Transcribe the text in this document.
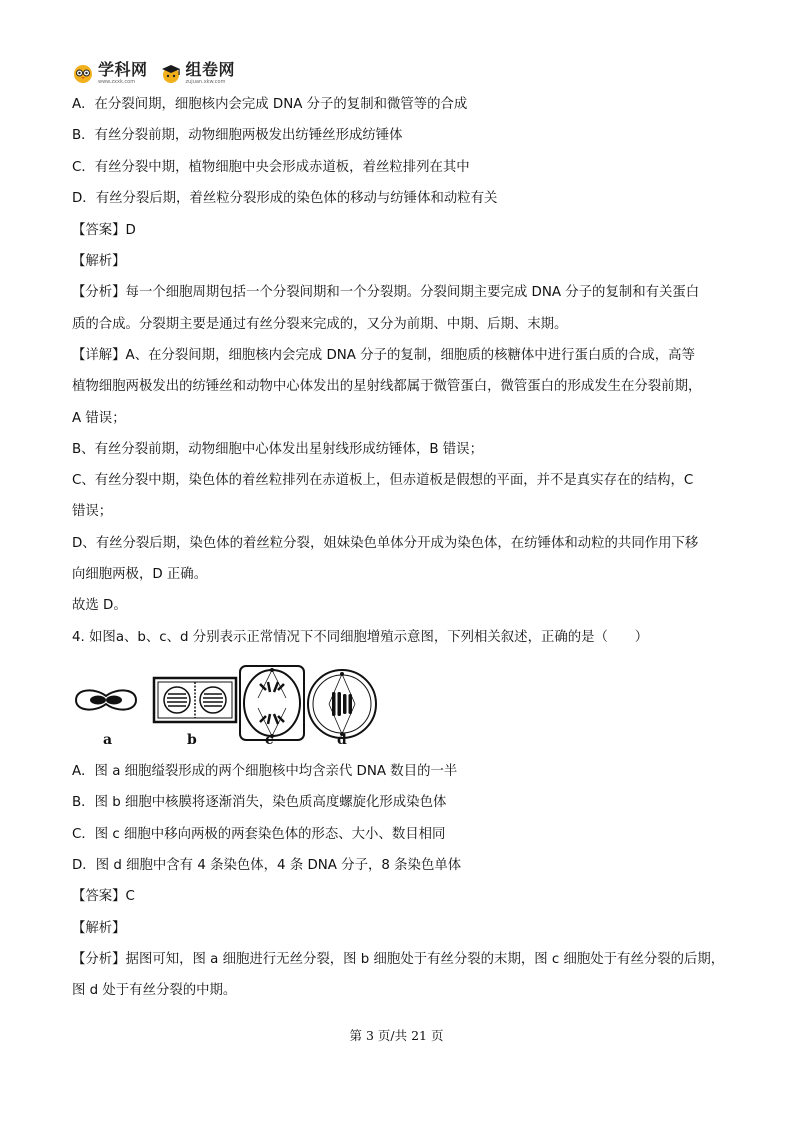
学科网
www.zxxk.com
组卷网
zujuan.xkw.com
A．在分裂间期，细胞核内会完成 DNA 分子的复制和微管等的合成
B．有丝分裂前期，动物细胞两极发出纺锤丝形成纺锤体
C．有丝分裂中期，植物细胞中央会形成赤道板，着丝粒排列在其中
D．有丝分裂后期，着丝粒分裂形成的染色体的移动与纺锤体和动粒有关
【答案】D
【解析】
【分析】每一个细胞周期包括一个分裂间期和一个分裂期。分裂间期主要完成 DNA 分子的复制和有关蛋白
质的合成。分裂期主要是通过有丝分裂来完成的，又分为前期、中期、后期、末期。
【详解】A、在分裂间期，细胞核内会完成 DNA 分子的复制，细胞质的核糖体中进行蛋白质的合成，高等
植物细胞两极发出的纺锤丝和动物中心体发出的星射线都属于微管蛋白，微管蛋白的形成发生在分裂前期，
A 错误；
B、有丝分裂前期，动物细胞中心体发出星射线形成纺锤体，B 错误；
C、有丝分裂中期，染色体的着丝粒排列在赤道板上，但赤道板是假想的平面，并不是真实存在的结构，C
错误；
D、有丝分裂后期，染色体的着丝粒分裂，姐妹染色单体分开成为染色体，在纺锤体和动粒的共同作用下移
向细胞两极，D 正确。
故选 D。
4. 如图a、b、c、d 分别表示正常情况下不同细胞增殖示意图，下列相关叙述，正确的是（　　）
a	b	c	d
A．图 a 细胞缢裂形成的两个细胞核中均含亲代 DNA 数目的一半
B．图 b 细胞中核膜将逐渐消失，染色质高度螺旋化形成染色体
C．图 c 细胞中移向两极的两套染色体的形态、大小、数目相同
D．图 d 细胞中含有 4 条染色体，4 条 DNA 分子，8 条染色单体
【答案】C
【解析】
【分析】据图可知，图 a 细胞进行无丝分裂，图 b 细胞处于有丝分裂的末期，图 c 细胞处于有丝分裂的后期，
图 d 处于有丝分裂的中期。
第 3 页/共 21 页
